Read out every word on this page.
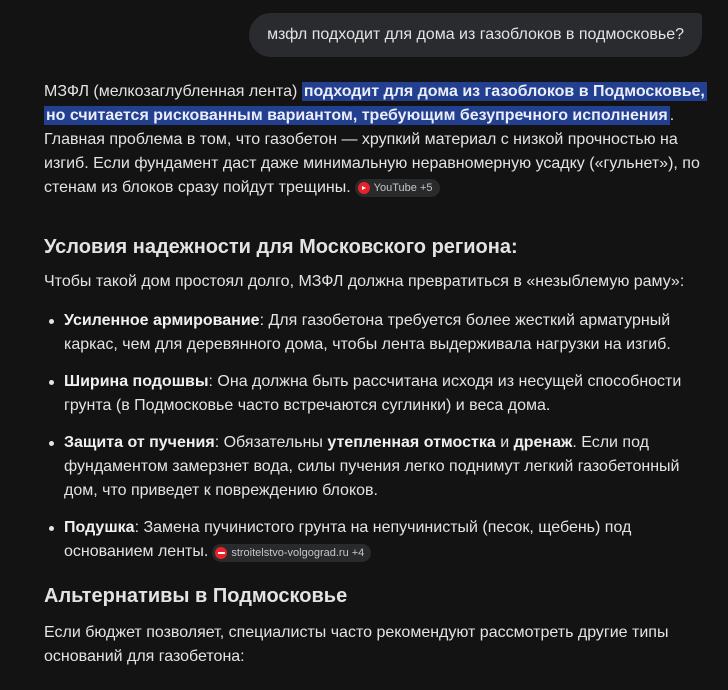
мзфл подходит для дома из газоблоков в подмосковье?

МЗФЛ (мелкозаглубленная лента) подходит для дома из газоблоков в Подмосковье, но считается рискованным вариантом, требующим безупречного исполнения . Главная проблема в том, что газобетон — хрупкий материал с низкой прочностью на изгиб. Если фундамент даст даже минимальную неравномерную усадку («гульнет»), по стенам из блоков сразу пойдут трещины. YouTube +5

Условия надежности для Московского региона:

Чтобы такой дом простоял долго, МЗФЛ должна превратиться в «незыблемую раму»:

Усиленное армирование: Для газобетона требуется более жесткий арматурный каркас, чем для деревянного дома, чтобы лента выдерживала нагрузки на изгиб.
Ширина подошвы: Она должна быть рассчитана исходя из несущей способности грунта (в Подмосковье часто встречаются суглинки) и веса дома.
Защита от пучения: Обязательны утепленная отмостка и дренаж. Если под фундаментом замерзнет вода, силы пучения легко поднимут легкий газобетонный дом, что приведет к повреждению блоков.
Подушка: Замена пучинистого грунта на непучинистый (песок, щебень) под основанием ленты. stroitelstvo-volgograd.ru +4
Альтернативы в Подмосковье

Если бюджет позволяет, специалисты часто рекомендуют рассмотреть другие типы оснований для газобетона:
